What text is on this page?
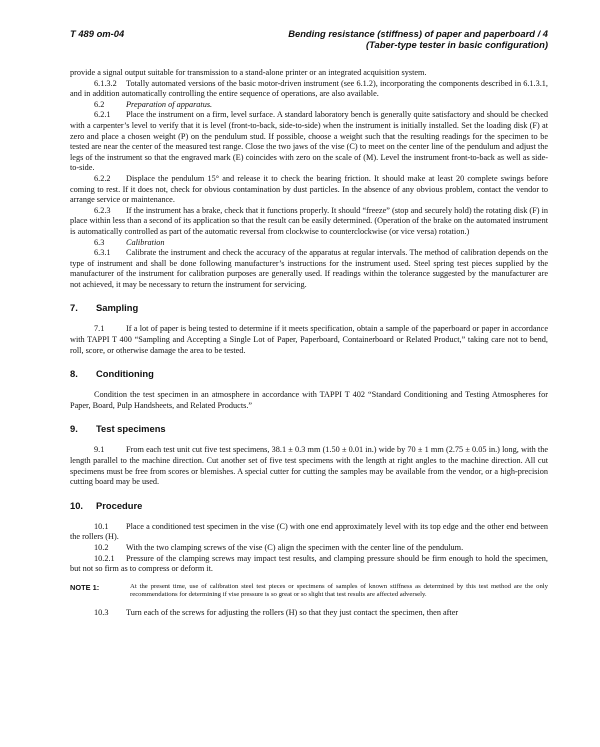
T 489 om-04	Bending resistance (stiffness) of paper and paperboard / 4
(Taber-type tester in basic configuration)

provide a signal output suitable for transmission to a stand-alone printer or an integrated acquisition system.

6.1.3.2 Totally automated versions of the basic motor-driven instrument (see 6.1.2), incorporating the components described in 6.1.3.1, and in addition automatically controlling the entire sequence of operations, are also available.

6.2	Preparation of apparatus.

6.2.1 Place the instrument on a firm, level surface. A standard laboratory bench is generally quite satisfactory and should be checked with a carpenter’s level to verify that it is level (front-to-back, side-to-side) when the instrument is initially installed. Set the loading disk (F) at zero and place a chosen weight (P) on the pendulum stud. If possible, choose a weight such that the resulting readings for the specimen to be tested are near the center of the measured test range. Close the two jaws of the vise (C) to meet on the center line of the pendulum and adjust the legs of the instrument so that the engraved mark (E) coincides with zero on the scale of (M). Level the instrument front-to-back as well as side-to-side.

6.2.2 Displace the pendulum 15° and release it to check the bearing friction. It should make at least 20 complete swings before coming to rest. If it does not, check for obvious contamination by dust particles. In the absence of any obvious problem, contact the vendor to arrange service or maintenance.

6.2.3 If the instrument has a brake, check that it functions properly. It should “freeze” (stop and securely hold) the rotating disk (F) in place within less than a second of its application so that the result can be easily determined. (Operation of the brake on the automated instrument is automatically controlled as part of the automatic reversal from clockwise to counterclockwise (or vice versa) rotation.)

6.3	Calibration

6.3.1 Calibrate the instrument and check the accuracy of the apparatus at regular intervals. The method of calibration depends on the type of instrument and shall be done following manufacturer’s instructions for the instrument used. Steel spring test pieces supplied by the manufacturer of the instrument for calibration purposes are generally used. If readings within the tolerance suggested by the manufacturer are not achieved, it may be necessary to return the instrument for servicing.

7. Sampling

7.1	If a lot of paper is being tested to determine if it meets specification, obtain a sample of the paperboard or paper in accordance with TAPPI T 400 “Sampling and Accepting a Single Lot of Paper, Paperboard, Containerboard or Related Product,” taking care not to bend, roll, score, or otherwise damage the area to be tested.

8. Conditioning

Condition the test specimen in an atmosphere in accordance with TAPPI T 402 “Standard Conditioning and Testing Atmospheres for Paper, Board, Pulp Handsheets, and Related Products.”

9. Test specimens

9.1	From each test unit cut five test specimens, 38.1 ± 0.3 mm (1.50 ± 0.01 in.) wide by 70 ± 1 mm (2.75 ± 0.05 in.) long, with the length parallel to the machine direction. Cut another set of five test specimens with the length at right angles to the machine direction. All cut specimens must be free from scores or blemishes. A special cutter for cutting the samples may be available from the vendor, or a high-precision cutting board may be used.

10. Procedure

10.1 Place a conditioned test specimen in the vise (C) with one end approximately level with its top edge and the other end between the rollers (H).

10.2 With the two clamping screws of the vise (C) align the specimen with the center line of the pendulum.

10.2.1 Pressure of the clamping screws may impact test results, and clamping pressure should be firm enough to hold the specimen, but not so firm as to compress or deform it.

NOTE 1:	At the present time, use of calibration steel test pieces or specimens of samples of known stiffness as determined by this test method are the only recommendations for determining if vise pressure is so great or so slight that test results are affected adversely.

10.3 Turn each of the screws for adjusting the rollers (H) so that they just contact the specimen, then after
